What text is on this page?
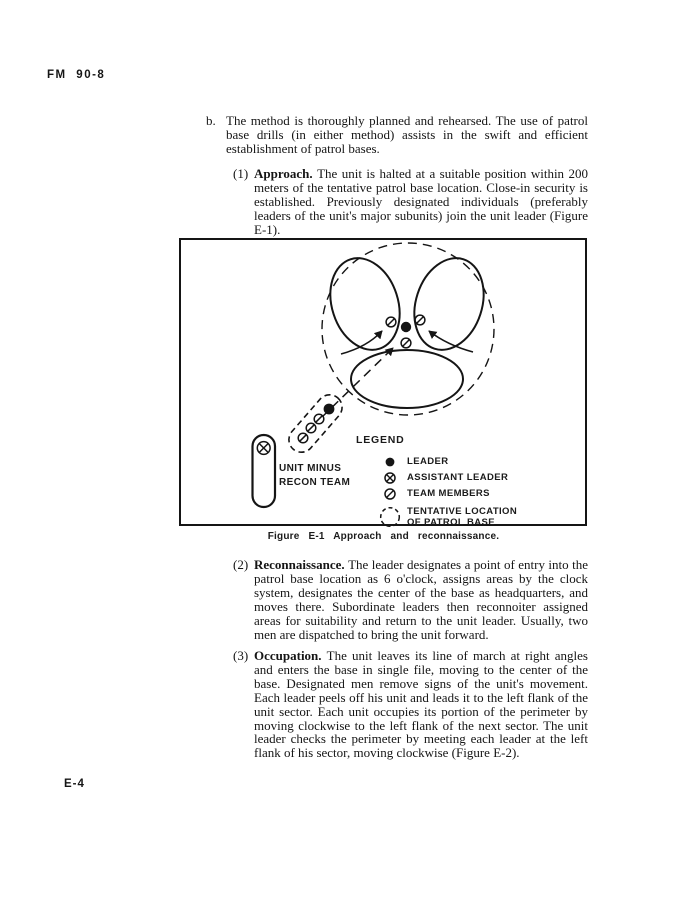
FM 90-8
b. The method is thoroughly planned and rehearsed. The use of patrol base drills (in either method) assists in the swift and efficient establishment of patrol bases.
(1) Approach. The unit is halted at a suitable position within 200 meters of the tentative patrol base location. Close-in security is established. Previously designated individuals (preferably leaders of the unit's major subunits) join the unit leader (Figure E-1).
UNIT MINUS
RECON TEAM
LEGEND
LEADER
ASSISTANT LEADER
TEAM MEMBERS
TENTATIVE LOCATION
OF PATROL BASE
Figure E-1 Approach and reconnaissance.
(2) Reconnaissance. The leader designates a point of entry into the patrol base location as 6 o'clock, assigns areas by the clock system, designates the center of the base as headquarters, and moves there. Subordinate leaders then reconnoiter assigned areas for suitability and return to the unit leader. Usually, two men are dispatched to bring the unit forward.
(3) Occupation. The unit leaves its line of march at right angles and enters the base in single file, moving to the center of the base. Designated men remove signs of the unit's movement. Each leader peels off his unit and leads it to the left flank of the unit sector. Each unit occupies its portion of the perimeter by moving clockwise to the left flank of the next sector. The unit leader checks the perimeter by meeting each leader at the left flank of his sector, moving clockwise (Figure E-2).
E-4
